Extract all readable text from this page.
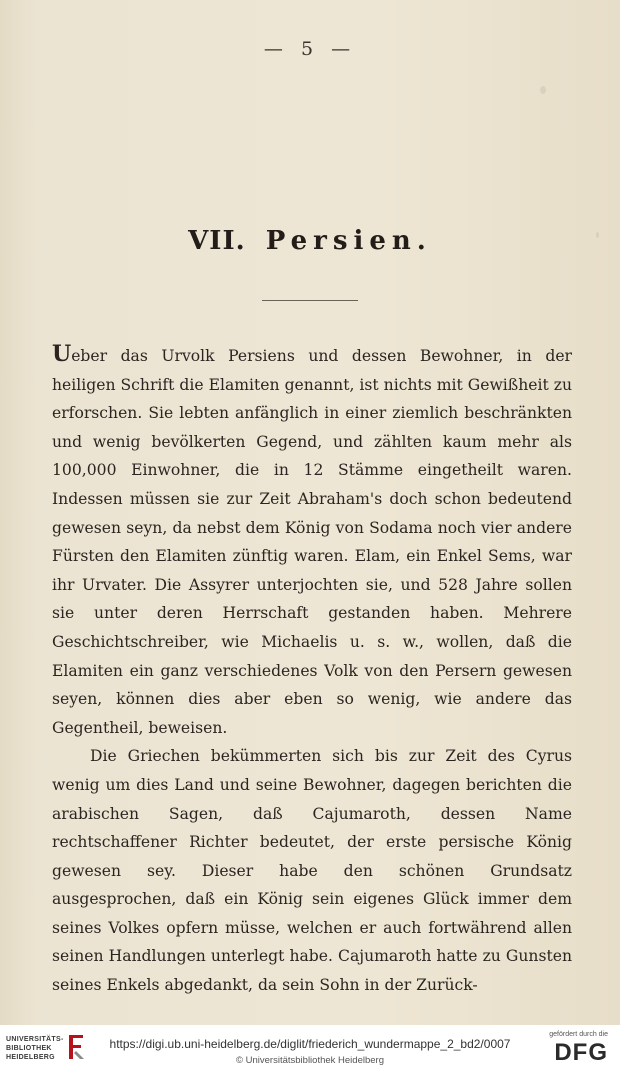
— 5 —
VII. Persien.

Ueber das Urvolk Persiens und dessen Bewohner, in der heiligen Schrift die Elamiten genannt, ist nichts mit Gewißheit zu erforschen. Sie lebten anfänglich in einer ziemlich beschränkten und wenig bevölkerten Gegend, und zählten kaum mehr als 100,000 Einwohner, die in 12 Stämme eingetheilt waren. Indessen müssen sie zur Zeit Abraham's doch schon bedeutend gewesen seyn, da nebst dem König von Sodama noch vier andere Fürsten den Elamiten zünftig waren. Elam, ein Enkel Sems, war ihr Urvater. Die Assyrer unterjochten sie, und 528 Jahre sollen sie unter deren Herrschaft gestanden haben. Mehrere Geschichtschreiber, wie Michaelis u. s. w., wollen, daß die Elamiten ein ganz verschiedenes Volk von den Persern gewesen seyen, können dies aber eben so wenig, wie andere das Gegentheil, beweisen.

Die Griechen bekümmerten sich bis zur Zeit des Cyrus wenig um dies Land und seine Bewohner, dagegen berichten die arabischen Sagen, daß Cajumaroth, dessen Name rechtschaffener Richter bedeutet, der erste persische König gewesen sey. Dieser habe den schönen Grundsatz ausgesprochen, daß ein König sein eigenes Glück immer dem seines Volkes opfern müsse, welchen er auch fortwährend allen seinen Handlungen unterlegt habe. Cajumaroth hatte zu Gunsten seines Enkels abgedankt, da sein Sohn in der Zurück-

UNIVERSITÄTS-
BIBLIOTHEK
HEIDELBERG
https://digi.ub.uni-heidelberg.de/diglit/friederich_wundermappe_2_bd2/0007
© Universitätsbibliothek Heidelberg
gefördert durch die
DFG
